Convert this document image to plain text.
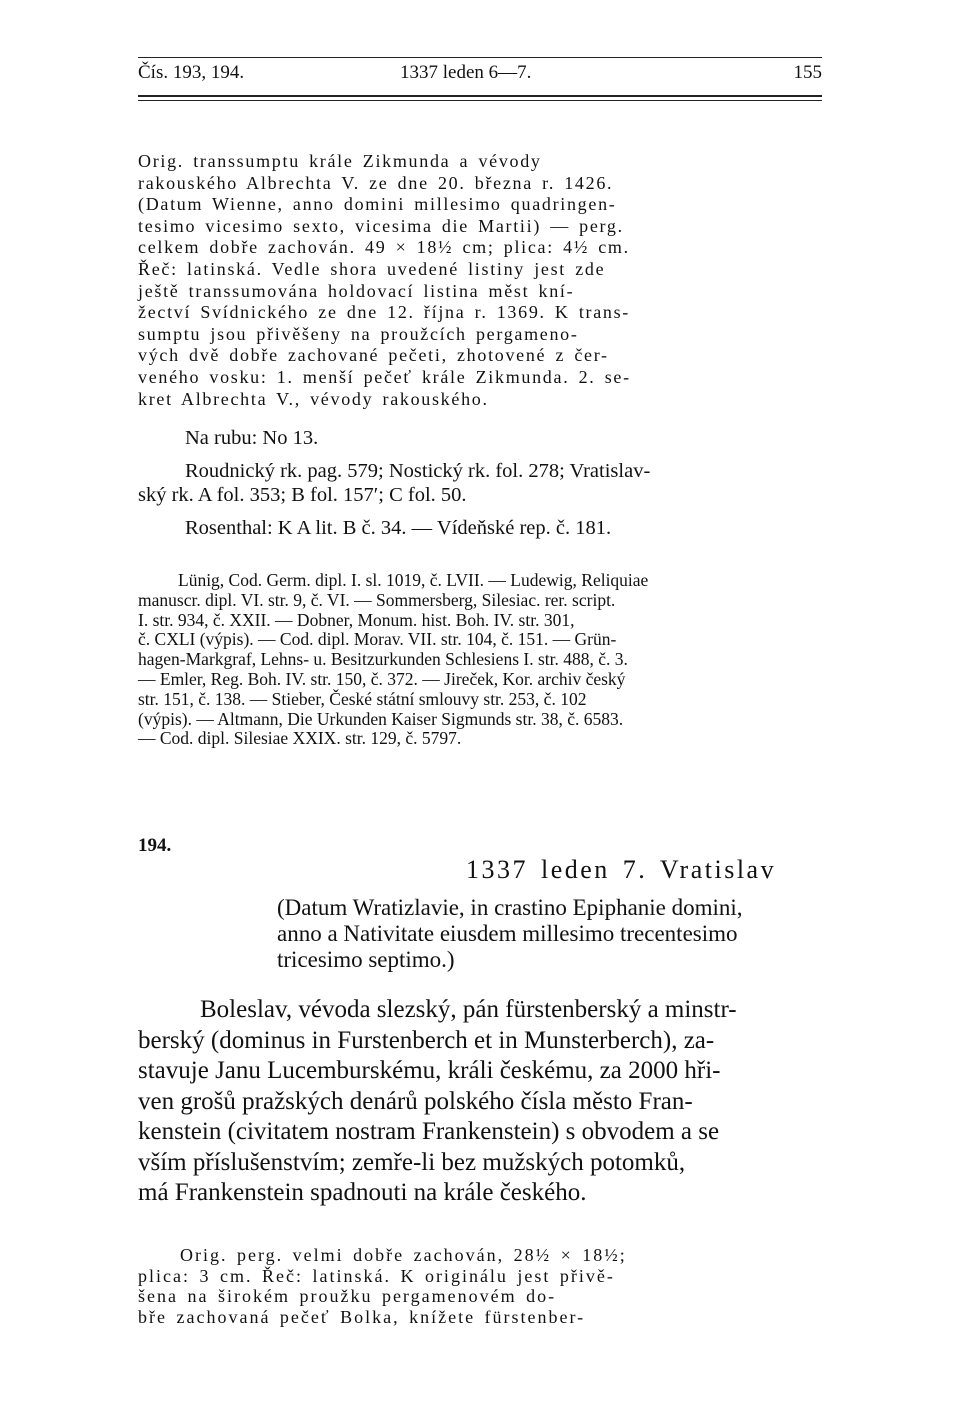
Čís. 193, 194.	1337 leden 6—7.	155
Orig. transsumptu krále Zikmunda a vévody
rakouského Albrechta V. ze dne 20. března r. 1426.
(Datum Wienne, anno domini millesimo quadringen-
tesimo vicesimo sexto, vicesima die Martii) — perg.
celkem dobře zachován. 49 × 18½ cm; plica: 4½ cm.
Řeč: latinská. Vedle shora uvedené listiny jest zde
ještě transsumována holdovací listina měst kní-
žectví Svídnického ze dne 12. října r. 1369. K trans-
sumptu jsou přivěšeny na proužcích pergameno-
vých dvě dobře zachované pečeti, zhotovené z čer-
veného vosku: 1. menší pečeť krále Zikmunda. 2. se-
kret Albrechta V., vévody rakouského.
Na rubu: No 13.
Roudnický rk. pag. 579; Nostický rk. fol. 278; Vratislav-
ský rk. A fol. 353; B fol. 157′; C fol. 50.
Rosenthal: K A lit. B č. 34. — Vídeňské rep. č. 181.
Lünig, Cod. Germ. dipl. I. sl. 1019, č. LVII. — Ludewig, Reliquiae
manuscr. dipl. VI. str. 9, č. VI. — Sommersberg, Silesiac. rer. script.
I. str. 934, č. XXII. — Dobner, Monum. hist. Boh. IV. str. 301,
č. CXLI (výpis). — Cod. dipl. Morav. VII. str. 104, č. 151. — Grün-
hagen-Markgraf, Lehns- u. Besitzurkunden Schlesiens I. str. 488, č. 3.
— Emler, Reg. Boh. IV. str. 150, č. 372. — Jireček, Kor. archiv český
str. 151, č. 138. — Stieber, České státní smlouvy str. 253, č. 102
(výpis). — Altmann, Die Urkunden Kaiser Sigmunds str. 38, č. 6583.
— Cod. dipl. Silesiae XXIX. str. 129, č. 5797.
194.
1337 leden 7. Vratislav
(Datum Wratizlavie, in crastino Epiphanie domini,
anno a Nativitate eiusdem millesimo trecentesimo
tricesimo septimo.)
Boleslav, vévoda slezský, pán fürstenberský a minstr-
berský (dominus in Furstenberch et in Munsterberch), za-
stavuje Janu Lucemburskému, králi českému, za 2000 hři-
ven grošů pražských denárů polského čísla město Fran-
kenstein (civitatem nostram Frankenstein) s obvodem a se
vším příslušenstvím; zemře-li bez mužských potomků,
má Frankenstein spadnouti na krále českého.
Orig. perg. velmi dobře zachován, 28½ × 18½;
plica: 3 cm. Řeč: latinská. K originálu jest přivě-
šena na širokém proužku pergamenovém do-
bře zachovaná pečeť Bolka, knížete fürstenber-
